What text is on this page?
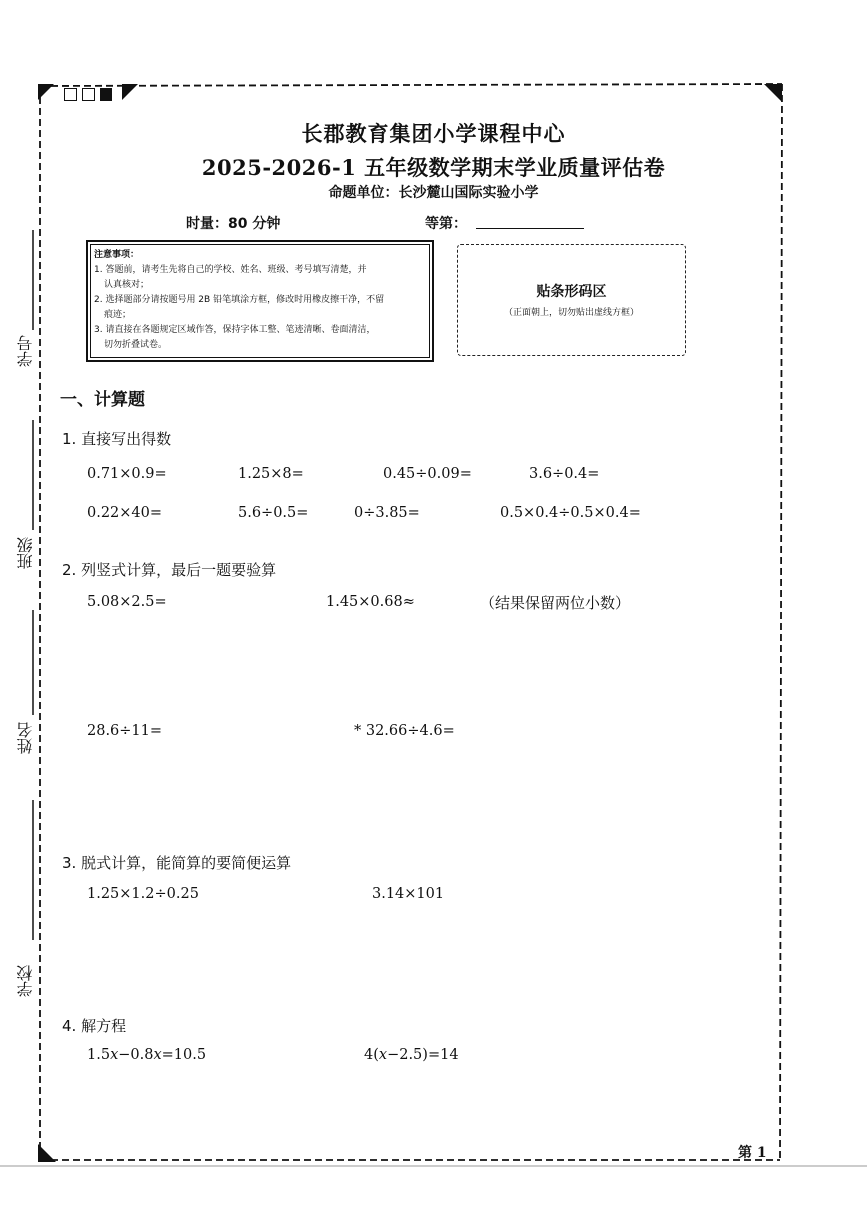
学号
班级
姓名
学校
长郡教育集团小学课程中心
2025-2026-1 五年级数学期末学业质量评估卷
命题单位：长沙麓山国际实验小学
时量：80 分钟	等第：

注意事项：

1. 答题前，请考生先将自己的学校、姓名、班级、考号填写清楚，并

认真核对；

2. 选择题部分请按题号用 2B 铅笔填涂方框，修改时用橡皮擦干净，不留

痕迹；

3. 请直接在各题规定区域作答，保持字体工整、笔迹清晰、卷面清洁，

切勿折叠试卷。

贴条形码区
（正面朝上，切勿贴出虚线方框）
一、计算题
1. 直接写出得数
0.71×0.9=	1.25×8=	0.45÷0.09=	3.6÷0.4=
0.22×40=	5.6÷0.5=	0÷3.85=	0.5×0.4÷0.5×0.4=
2. 列竖式计算，最后一题要验算
5.08×2.5=	1.45×0.68≈	（结果保留两位小数）
28.6÷11=	* 32.66÷4.6=
3. 脱式计算，能简算的要简便运算
1.25×1.2÷0.25	3.14×101
4. 解方程
1.5x−0.8x=10.5	4(x−2.5)=14
第 1
